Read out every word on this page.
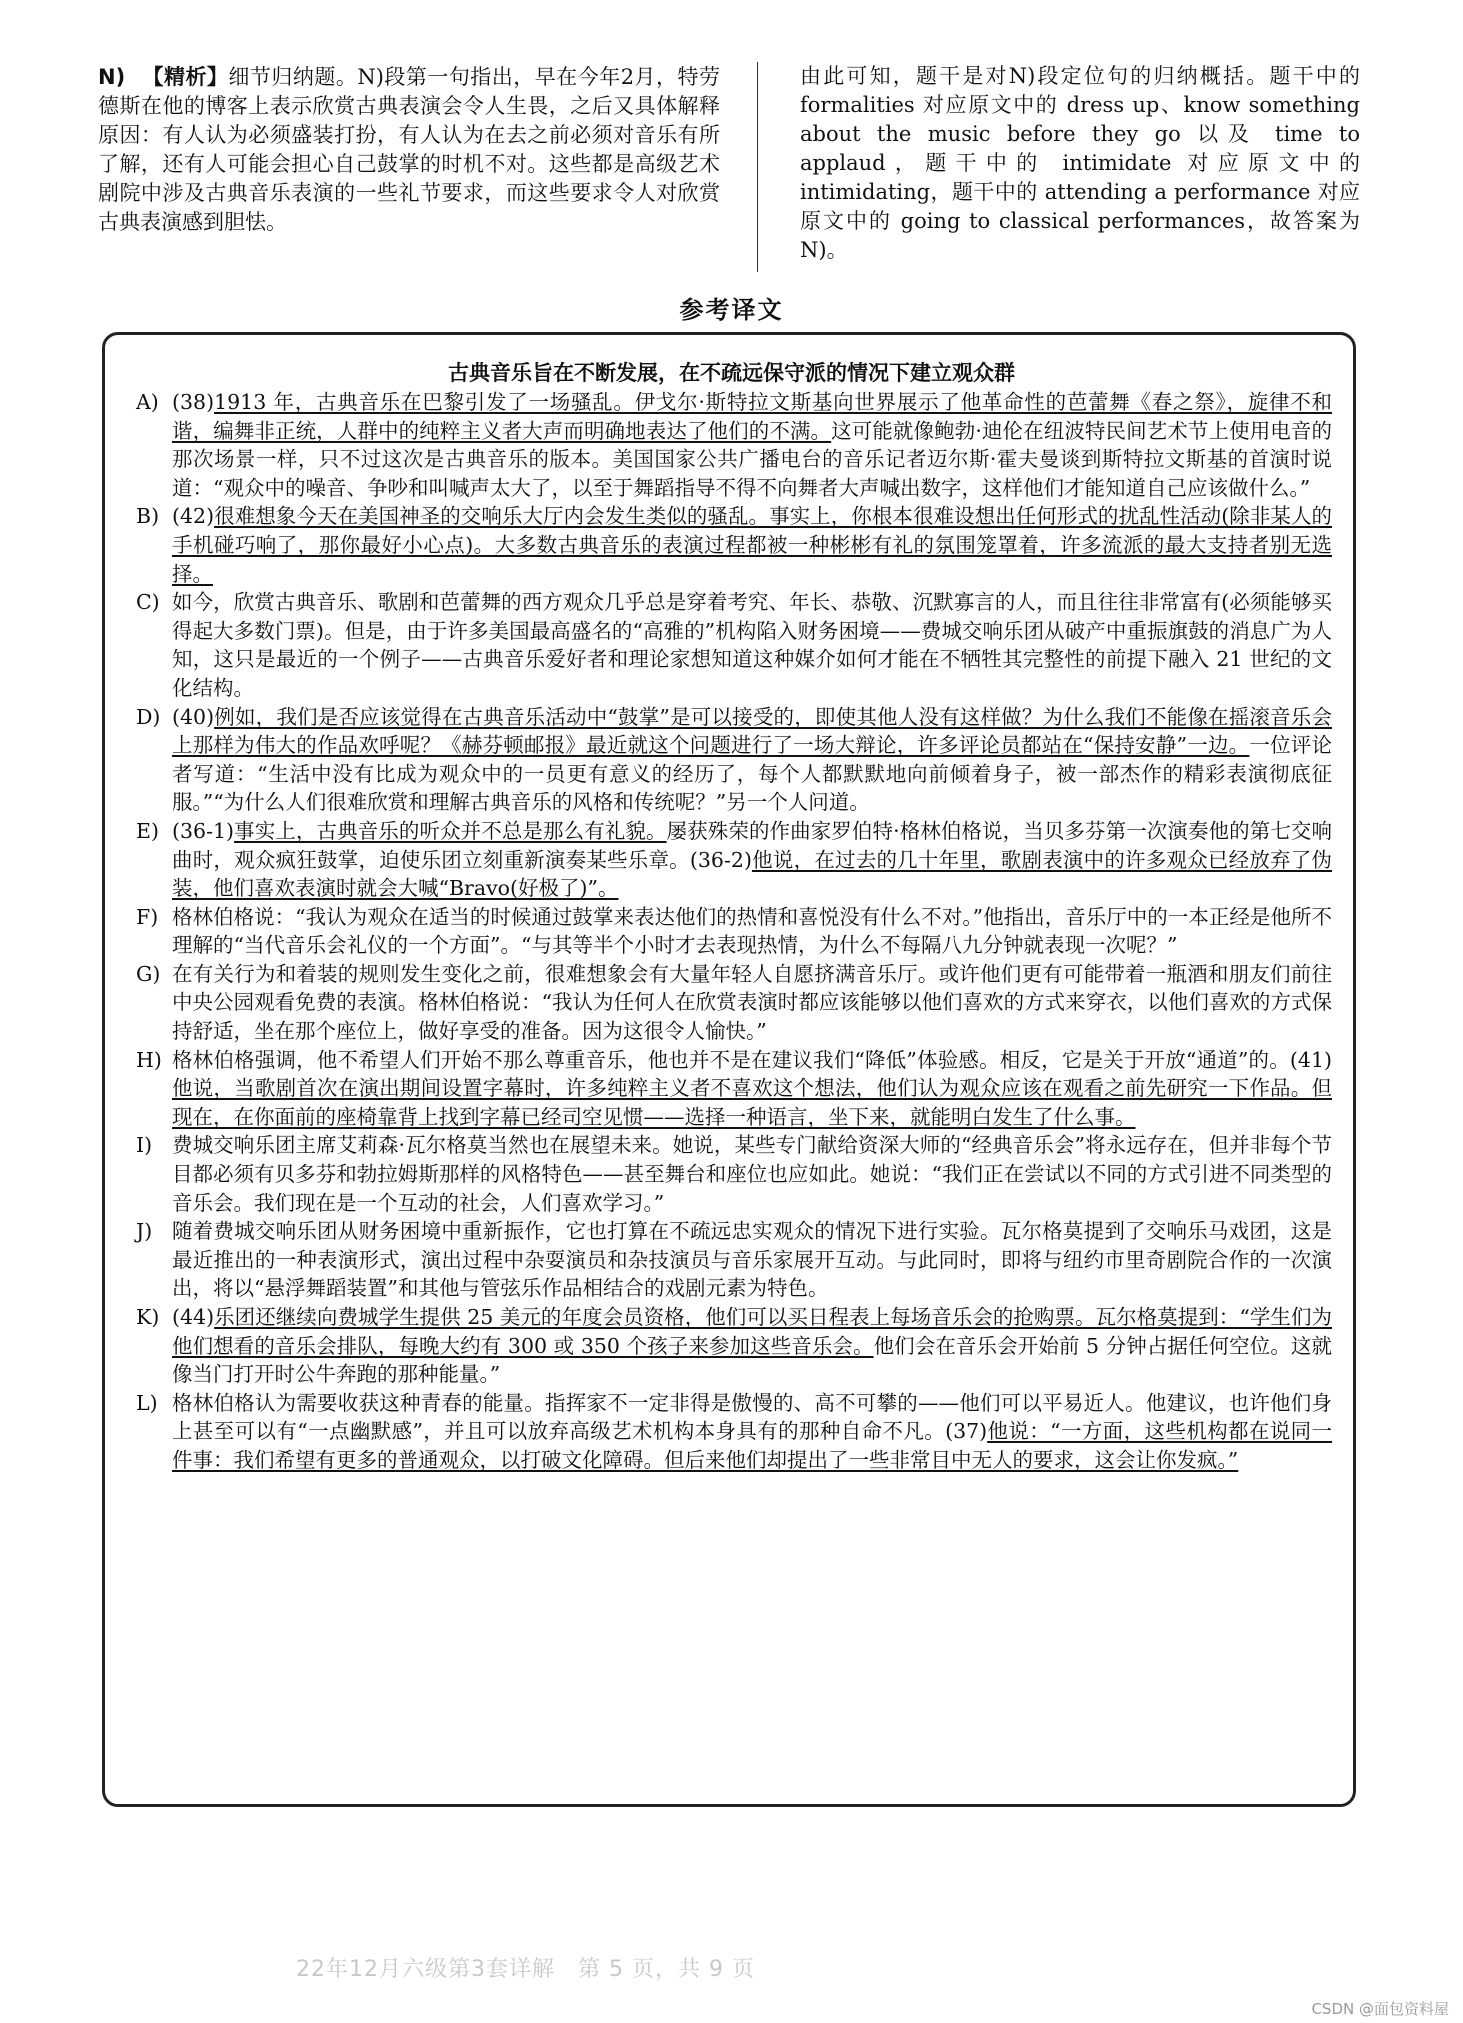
N) 【精析】细节归纳题。N)段第一句指出，早在今年2月，特劳德斯在他的博客上表示欣赏古典表演会令人生畏，之后又具体解释原因：有人认为必须盛装打扮，有人认为在去之前必须对音乐有所了解，还有人可能会担心自己鼓掌的时机不对。这些都是高级艺术剧院中涉及古典音乐表演的一些礼节要求，而这些要求令人对欣赏古典表演感到胆怯。
由此可知，题干是对N)段定位句的归纳概括。题干中的 formalities 对应原文中的 dress up、know something about the music before they go 以及 time to applaud，题干中的 intimidate 对应原文中的 intimidating，题干中的 attending a performance 对应原文中的 going to classical performances，故答案为N)。
参考译文
古典音乐旨在不断发展，在不疏远保守派的情况下建立观众群
A) (38)1913 年，古典音乐在巴黎引发了一场骚乱。伊戈尔·斯特拉文斯基向世界展示了他革命性的芭蕾舞《春之祭》，旋律不和谐，编舞非正统，人群中的纯粹主义者大声而明确地表达了他们的不满。这可能就像鲍勃·迪伦在纽波特民间艺术节上使用电音的那次场景一样，只不过这次是古典音乐的版本。美国国家公共广播电台的音乐记者迈尔斯·霍夫曼谈到斯特拉文斯基的首演时说道：“观众中的噪音、争吵和叫喊声太大了，以至于舞蹈指导不得不向舞者大声喊出数字，这样他们才能知道自己应该做什么。”
B) (42)很难想象今天在美国神圣的交响乐大厅内会发生类似的骚乱。事实上，你根本很难设想出任何形式的扰乱性活动(除非某人的手机碰巧响了，那你最好小心点)。大多数古典音乐的表演过程都被一种彬彬有礼的氛围笼罩着，许多流派的最大支持者别无选择。
C) 如今，欣赏古典音乐、歌剧和芭蕾舞的西方观众几乎总是穿着考究、年长、恭敬、沉默寡言的人，而且往往非常富有(必须能够买得起大多数门票)。但是，由于许多美国最高盛名的“高雅的”机构陷入财务困境——费城交响乐团从破产中重振旗鼓的消息广为人知，这只是最近的一个例子——古典音乐爱好者和理论家想知道这种媒介如何才能在不牺牲其完整性的前提下融入 21 世纪的文化结构。
D) (40)例如，我们是否应该觉得在古典音乐活动中“鼓掌”是可以接受的，即使其他人没有这样做？为什么我们不能像在摇滚音乐会上那样为伟大的作品欢呼呢？《赫芬顿邮报》最近就这个问题进行了一场大辩论，许多评论员都站在“保持安静”一边。一位评论者写道：“生活中没有比成为观众中的一员更有意义的经历了，每个人都默默地向前倾着身子，被一部杰作的精彩表演彻底征服。”“为什么人们很难欣赏和理解古典音乐的风格和传统呢？”另一个人问道。
E) (36-1)事实上，古典音乐的听众并不总是那么有礼貌。屡获殊荣的作曲家罗伯特·格林伯格说，当贝多芬第一次演奏他的第七交响曲时，观众疯狂鼓掌，迫使乐团立刻重新演奏某些乐章。(36-2)他说，在过去的几十年里，歌剧表演中的许多观众已经放弃了伪装，他们喜欢表演时就会大喊“Bravo(好极了)”。
F) 格林伯格说：“我认为观众在适当的时候通过鼓掌来表达他们的热情和喜悦没有什么不对。”他指出，音乐厅中的一本正经是他所不理解的“当代音乐会礼仪的一个方面”。“与其等半个小时才去表现热情，为什么不每隔八九分钟就表现一次呢？”
G) 在有关行为和着装的规则发生变化之前，很难想象会有大量年轻人自愿挤满音乐厅。或许他们更有可能带着一瓶酒和朋友们前往中央公园观看免费的表演。格林伯格说：“我认为任何人在欣赏表演时都应该能够以他们喜欢的方式来穿衣，以他们喜欢的方式保持舒适，坐在那个座位上，做好享受的准备。因为这很令人愉快。”
H) 格林伯格强调，他不希望人们开始不那么尊重音乐，他也并不是在建议我们“降低”体验感。相反，它是关于开放“通道”的。(41)他说，当歌剧首次在演出期间设置字幕时，许多纯粹主义者不喜欢这个想法，他们认为观众应该在观看之前先研究一下作品。但现在，在你面前的座椅靠背上找到字幕已经司空见惯——选择一种语言，坐下来，就能明白发生了什么事。
I) 费城交响乐团主席艾莉森·瓦尔格莫当然也在展望未来。她说，某些专门献给资深大师的“经典音乐会”将永远存在，但并非每个节目都必须有贝多芬和勃拉姆斯那样的风格特色——甚至舞台和座位也应如此。她说：“我们正在尝试以不同的方式引进不同类型的音乐会。我们现在是一个互动的社会，人们喜欢学习。”
J) 随着费城交响乐团从财务困境中重新振作，它也打算在不疏远忠实观众的情况下进行实验。瓦尔格莫提到了交响乐马戏团，这是最近推出的一种表演形式，演出过程中杂耍演员和杂技演员与音乐家展开互动。与此同时，即将与纽约市里奇剧院合作的一次演出，将以“悬浮舞蹈装置”和其他与管弦乐作品相结合的戏剧元素为特色。
K) (44)乐团还继续向费城学生提供 25 美元的年度会员资格，他们可以买日程表上每场音乐会的抢购票。瓦尔格莫提到：“学生们为他们想看的音乐会排队，每晚大约有 300 或 350 个孩子来参加这些音乐会。他们会在音乐会开始前 5 分钟占据任何空位。这就像当门打开时公牛奔跑的那种能量。”
L) 格林伯格认为需要收获这种青春的能量。指挥家不一定非得是傲慢的、高不可攀的——他们可以平易近人。他建议，也许他们身上甚至可以有“一点幽默感”，并且可以放弃高级艺术机构本身具有的那种自命不凡。(37)他说：“一方面，这些机构都在说同一件事：我们希望有更多的普通观众，以打破文化障碍。但后来他们却提出了一些非常目中无人的要求，这会让你发疯。”
22年12月六级第3套详解　第 5 页，共 9 页
CSDN @面包资料屋
